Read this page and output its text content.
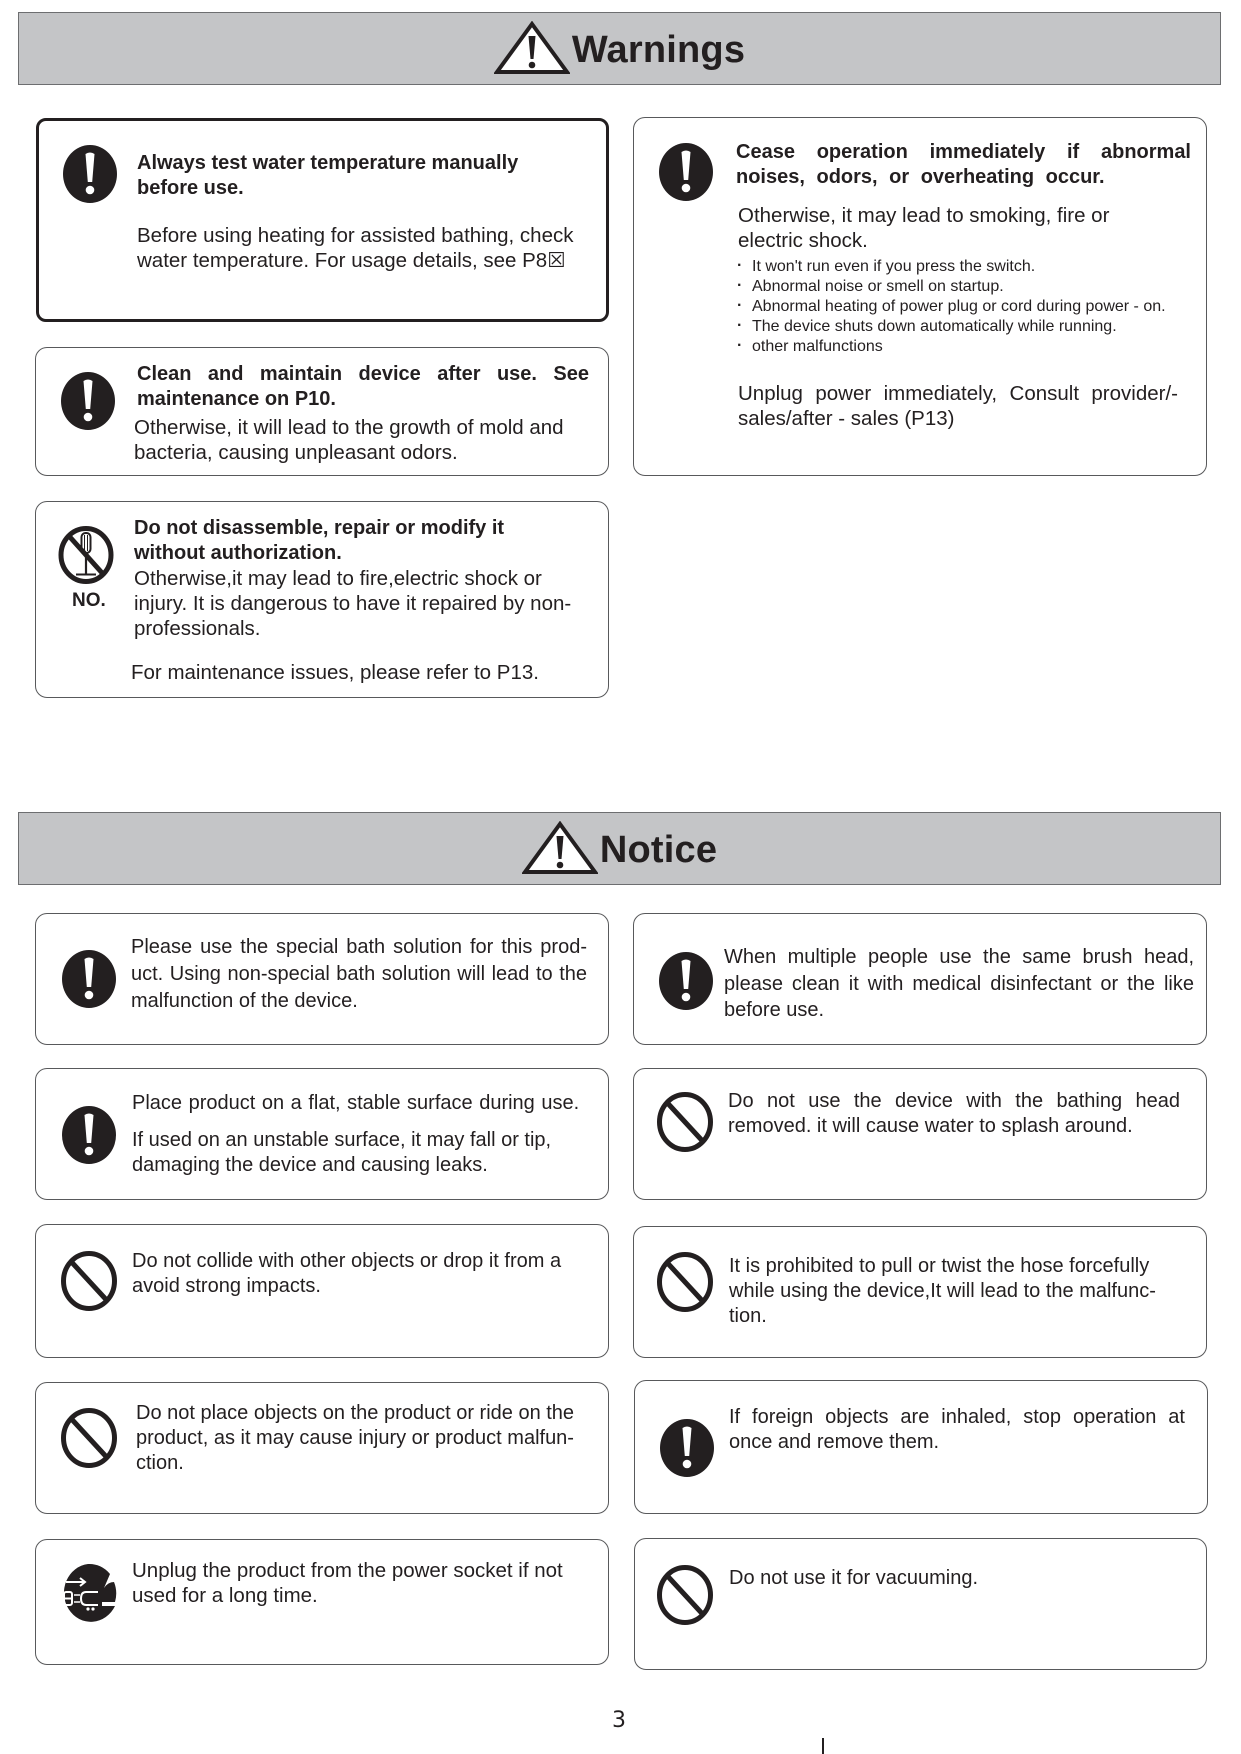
Warnings
Always test water temperature manually before use.
Before using heating for assisted bathing, check water temperature. For usage details, see P8☒
Clean and maintain device after use. See maintenance on P10.
Otherwise, it will lead to the growth of mold and bacteria, causing unpleasant odors.
NO.
Do not disassemble, repair or modify it without authorization.
Otherwise,it may lead to fire,electric shock or injury. It is dangerous to have it repaired by non-professionals.
For maintenance issues, please refer to P13.
Cease operation immediately if abnormal noises, odors, or overheating occur.
Otherwise, it may lead to smoking, fire or electric shock.
· It won't run even if you press the switch.
· Abnormal noise or smell on startup.
· Abnormal heating of power plug or cord during power - on.
· The device shuts down automatically while running.
· other malfunctions
Unplug power immediately, Consult provider/-sales/after - sales (P13)
Notice
Please use the special bath solution for this prod-uct. Using non-special bath solution will lead to the malfunction of the device.
When multiple people use the same brush head, please clean it with medical disinfectant or the like before use.
Place product on a flat, stable surface during use.
If used on an unstable surface, it may fall or tip, damaging the device and causing leaks.
Do not use the device with the bathing head removed. it will cause water to splash around.
Do not collide with other objects or drop it from a avoid strong impacts.
It is prohibited to pull or twist the hose forcefully while using the device,It will lead to the malfunc-tion.
Do not place objects on the product or ride on the product, as it may cause injury or product malfun-ction.
If foreign objects are inhaled, stop operation at once and remove them.
Unplug the product from the power socket if not used for a long time.
Do not use it for vacuuming.
3
